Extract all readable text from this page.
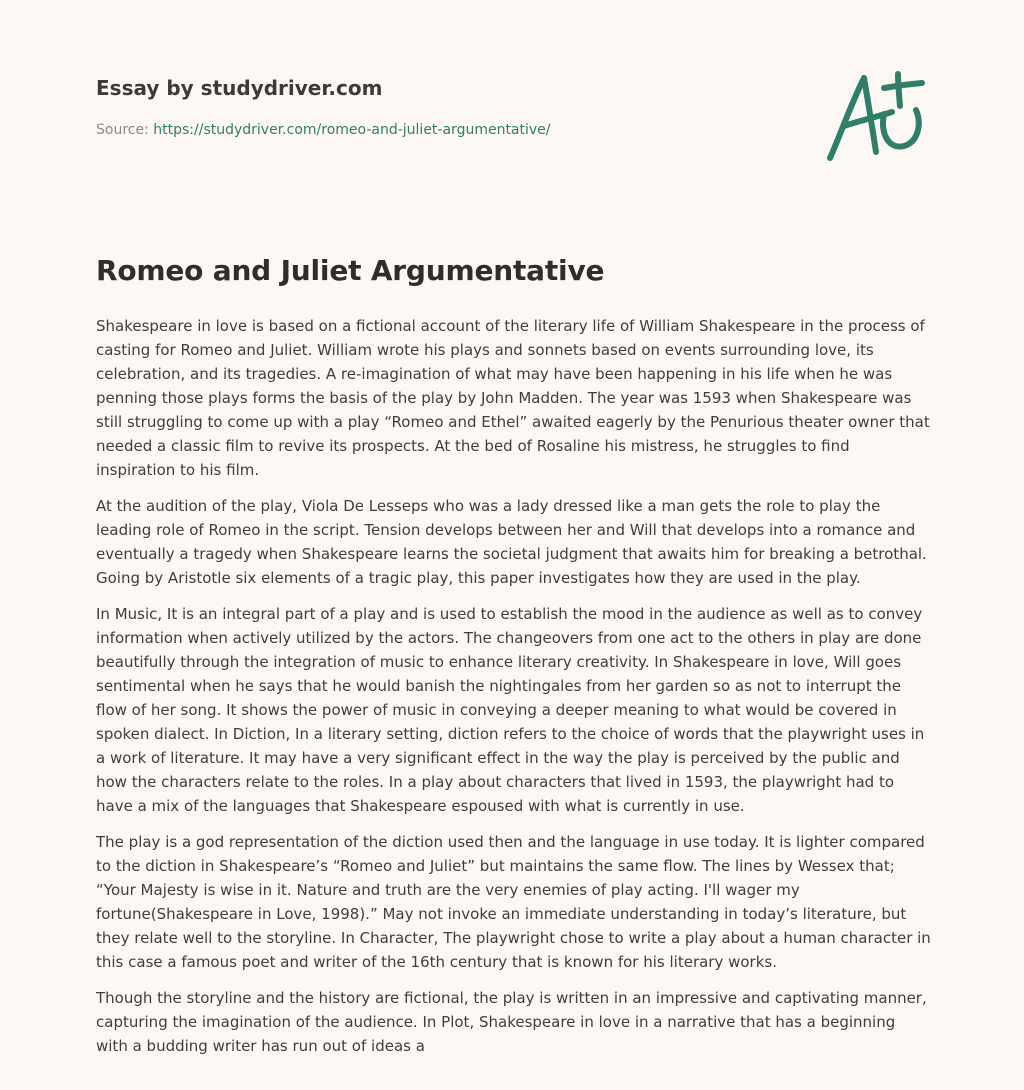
Essay by studydriver.com
Source: https://studydriver.com/romeo-and-juliet-argumentative/
Romeo and Juliet Argumentative

Shakespeare in love is based on a fictional account of the literary life of William Shakespeare in the process of casting for Romeo and Juliet. William wrote his plays and sonnets based on events surrounding love, its celebration, and its tragedies. A re-imagination of what may have been happening in his life when he was penning those plays forms the basis of the play by John Madden. The year was 1593 when Shakespeare was still struggling to come up with a play “Romeo and Ethel” awaited eagerly by the Penurious theater owner that needed a classic film to revive its prospects. At the bed of Rosaline his mistress, he struggles to find inspiration to his film.

At the audition of the play, Viola De Lesseps who was a lady dressed like a man gets the role to play the leading role of Romeo in the script. Tension develops between her and Will that develops into a romance and eventually a tragedy when Shakespeare learns the societal judgment that awaits him for breaking a betrothal. Going by Aristotle six elements of a tragic play, this paper investigates how they are used in the play.

In Music, It is an integral part of a play and is used to establish the mood in the audience as well as to convey information when actively utilized by the actors. The changeovers from one act to the others in play are done beautifully through the integration of music to enhance literary creativity. In Shakespeare in love, Will goes sentimental when he says that he would banish the nightingales from her garden so as not to interrupt the flow of her song. It shows the power of music in conveying a deeper meaning to what would be covered in spoken dialect. In Diction, In a literary setting, diction refers to the choice of words that the playwright uses in a work of literature. It may have a very significant effect in the way the play is perceived by the public and how the characters relate to the roles. In a play about characters that lived in 1593, the playwright had to have a mix of the languages that Shakespeare espoused with what is currently in use.

The play is a god representation of the diction used then and the language in use today. It is lighter compared to the diction in Shakespeare’s “Romeo and Juliet” but maintains the same flow. The lines by Wessex that; “Your Majesty is wise in it. Nature and truth are the very enemies of play acting. I'll wager my fortune(Shakespeare in Love, 1998).” May not invoke an immediate understanding in today’s literature, but they relate well to the storyline. In Character, The playwright chose to write a play about a human character in this case a famous poet and writer of the 16th century that is known for his literary works.

Though the storyline and the history are fictional, the play is written in an impressive and captivating manner, capturing the imagination of the audience. In Plot, Shakespeare in love in a narrative that has a beginning with a budding writer has run out of ideas a
